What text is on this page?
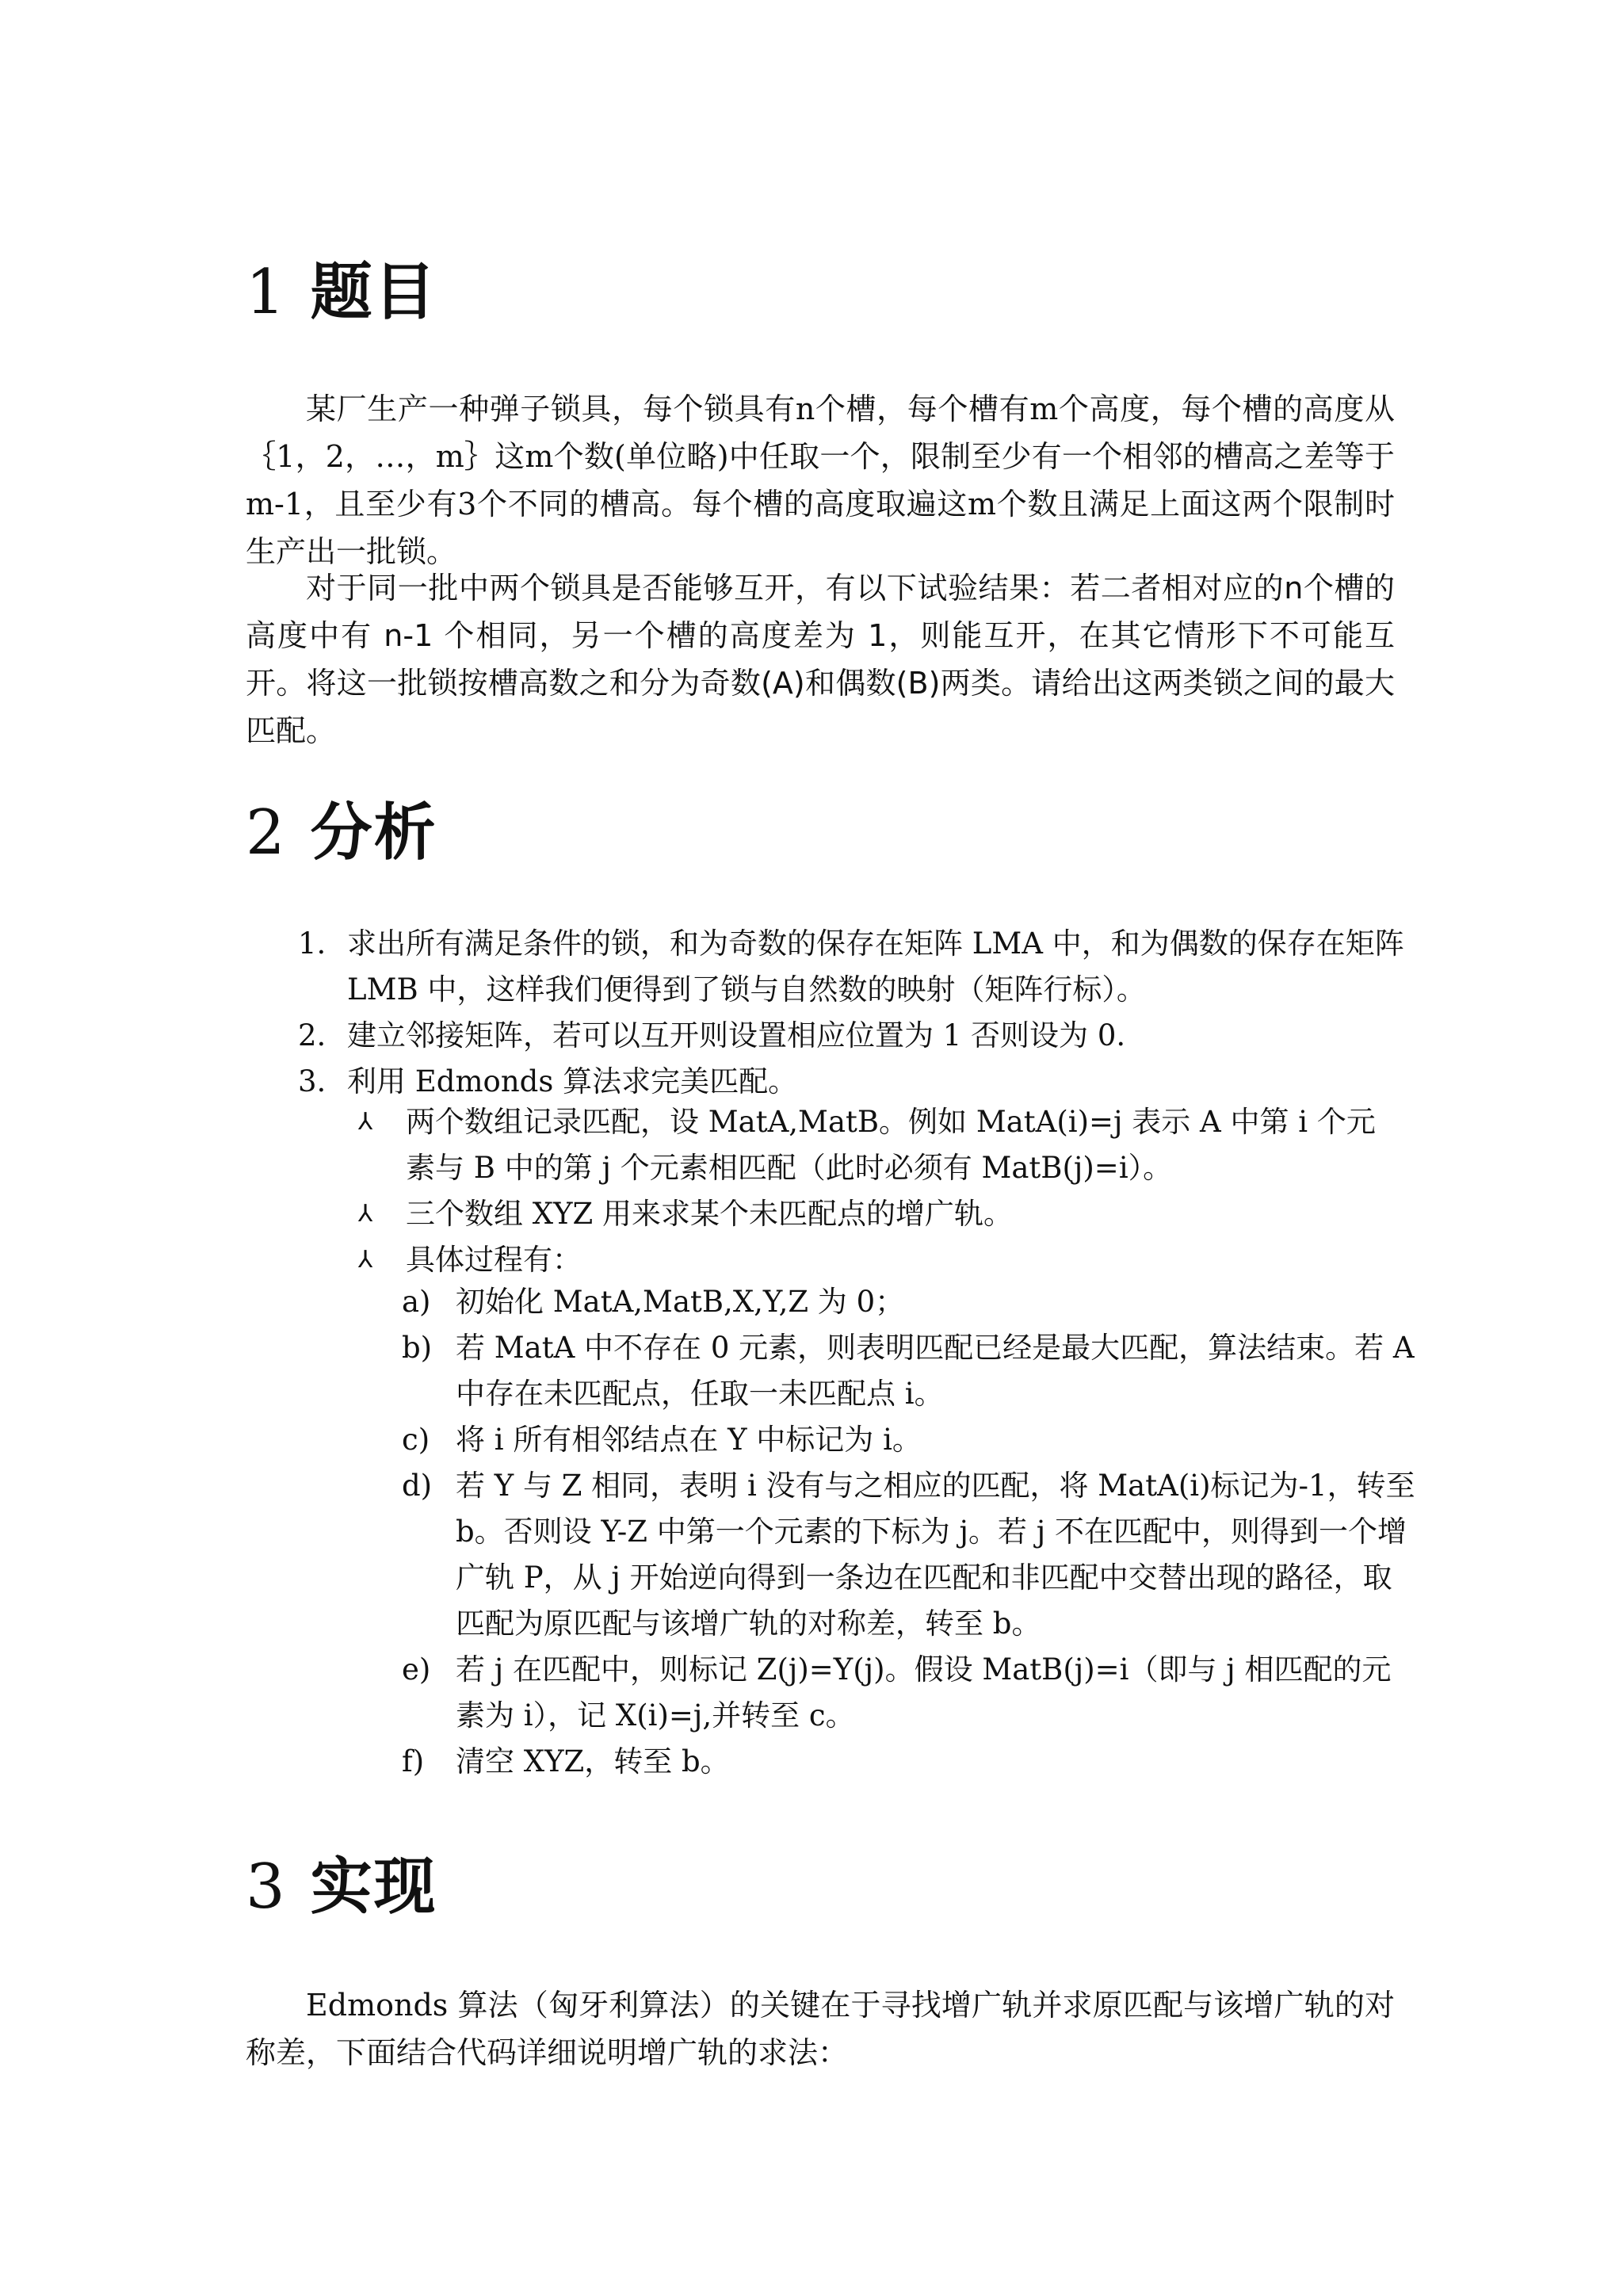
1 题目

某厂生产一种弹子锁具，每个锁具有n个槽，每个槽有m个高度，每个槽的高度从｛1，2，…，m｝这m个数(单位略)中任取一个，限制至少有一个相邻的槽高之差等于m-1，且至少有3个不同的槽高。每个槽的高度取遍这m个数且满足上面这两个限制时生产出一批锁。

对于同一批中两个锁具是否能够互开，有以下试验结果：若二者相对应的n个槽的高度中有 n-1 个相同，另一个槽的高度差为 1，则能互开，在其它情形下不可能互开。将这一批锁按槽高数之和分为奇数(A)和偶数(B)两类。请给出这两类锁之间的最大匹配。

2 分析
1. 求出所有满足条件的锁，和为奇数的保存在矩阵 LMA 中，和为偶数的保存在矩阵 LMB 中，这样我们便得到了锁与自然数的映射（矩阵行标）。
2. 建立邻接矩阵，若可以互开则设置相应位置为 1 否则设为 0.
3. 利用 Edmonds 算法求完美匹配。
⅄ 两个数组记录匹配，设 MatA,MatB。例如 MatA(i)=j 表示 A 中第 i 个元素与 B 中的第 j 个元素相匹配（此时必须有 MatB(j)=i）。
⅄ 三个数组 XYZ 用来求某个未匹配点的增广轨。
⅄ 具体过程有：
a) 初始化 MatA,MatB,X,Y,Z 为 0；
b) 若 MatA 中不存在 0 元素，则表明匹配已经是最大匹配，算法结束。若 A 中存在未匹配点，任取一未匹配点 i。
c) 将 i 所有相邻结点在 Y 中标记为 i。
d) 若 Y 与 Z 相同，表明 i 没有与之相应的匹配，将 MatA(i)标记为-1，转至 b。否则设 Y-Z 中第一个元素的下标为 j。若 j 不在匹配中，则得到一个增广轨 P，从 j 开始逆向得到一条边在匹配和非匹配中交替出现的路径，取匹配为原匹配与该增广轨的对称差，转至 b。
e) 若 j 在匹配中，则标记 Z(j)=Y(j)。假设 MatB(j)=i（即与 j 相匹配的元素为 i），记 X(i)=j,并转至 c。
f) 清空 XYZ，转至 b。
3 实现

Edmonds 算法（匈牙利算法）的关键在于寻找增广轨并求原匹配与该增广轨的对称差，下面结合代码详细说明增广轨的求法：
